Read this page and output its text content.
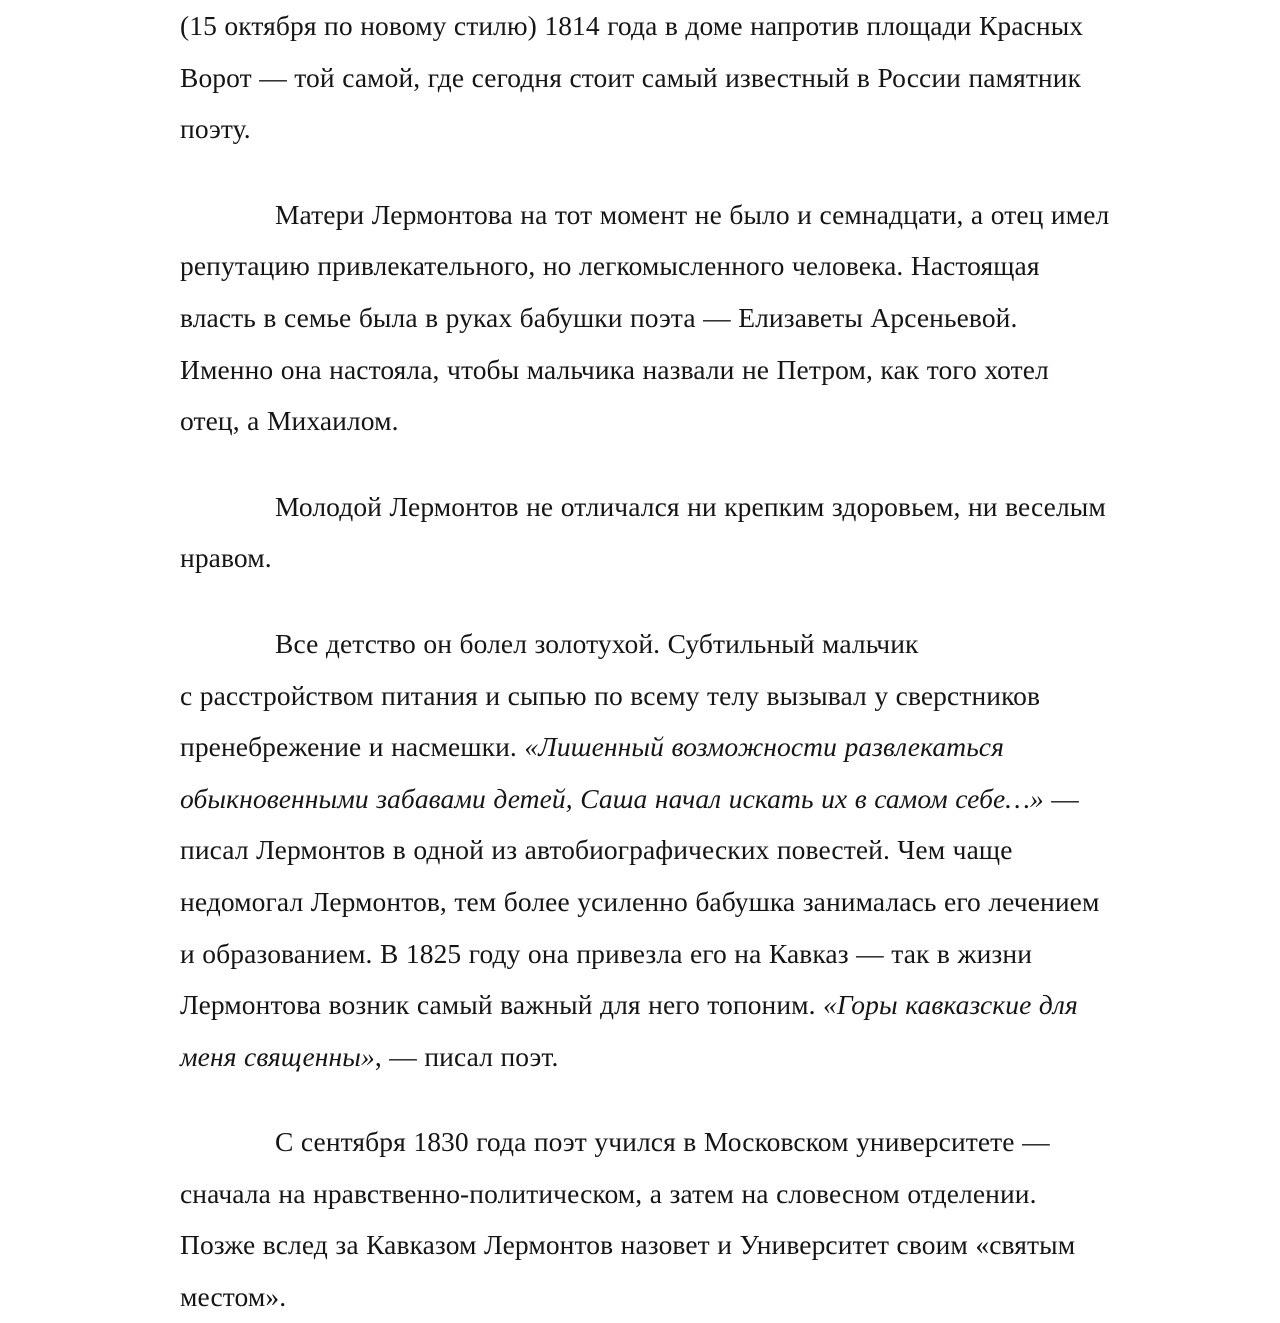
(15 октября по новому стилю) 1814 года в доме напротив площади Красных
Ворот — той самой, где сегодня стоит самый известный в России памятник
поэту.
Матери Лермонтова на тот момент не было и семнадцати, а отец имел
репутацию привлекательного, но легкомысленного человека. Настоящая
власть в семье была в руках бабушки поэта — Елизаветы Арсеньевой.
Именно она настояла, чтобы мальчика назвали не Петром, как того хотел
отец, а Михаилом.
Молодой Лермонтов не отличался ни крепким здоровьем, ни веселым
нравом.
Все детство он болел золотухой. Субтильный мальчик
с расстройством питания и сыпью по всему телу вызывал у сверстников
пренебрежение и насмешки. «Лишенный возможности развлекаться
обыкновенными забавами детей, Саша начал искать их в самом себе…» —
писал Лермонтов в одной из автобиографических повестей. Чем чаще
недомогал Лермонтов, тем более усиленно бабушка занималась его лечением
и образованием. В 1825 году она привезла его на Кавказ — так в жизни
Лермонтова возник самый важный для него топоним. «Горы кавказские для
меня священны», — писал поэт.
С сентября 1830 года поэт учился в Московском университете —
сначала на нравственно-политическом, а затем на словесном отделении.
Позже вслед за Кавказом Лермонтов назовет и Университет своим «святым
местом».
